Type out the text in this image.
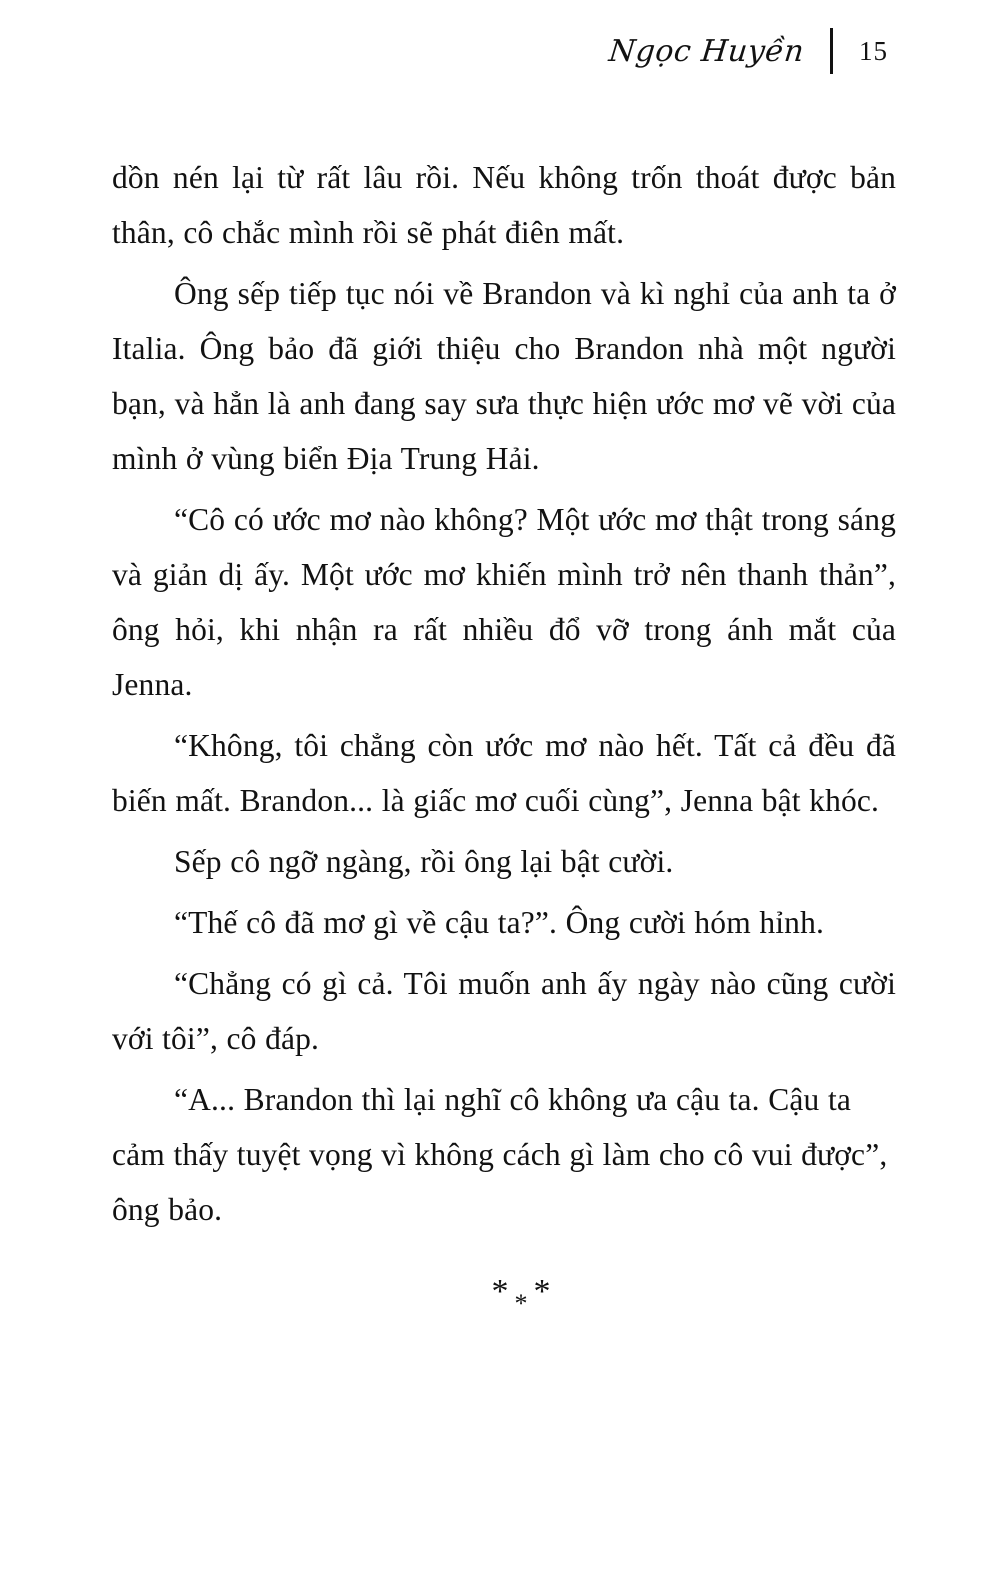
Ngọc Huyền 15

dồn nén lại từ rất lâu rồi. Nếu không trốn thoát được bản thân, cô chắc mình rồi sẽ phát điên mất.

Ông sếp tiếp tục nói về Brandon và kì nghỉ của anh ta ở Italia. Ông bảo đã giới thiệu cho Brandon nhà một người bạn, và hẳn là anh đang say sưa thực hiện ước mơ vẽ vời của mình ở vùng biển Địa Trung Hải.

“Cô có ước mơ nào không? Một ước mơ thật trong sáng và giản dị ấy. Một ước mơ khiến mình trở nên thanh thản”, ông hỏi, khi nhận ra rất nhiều đổ vỡ trong ánh mắt của Jenna.

“Không, tôi chẳng còn ước mơ nào hết. Tất cả đều đã biến mất. Brandon... là giấc mơ cuối cùng”, Jenna bật khóc.

Sếp cô ngỡ ngàng, rồi ông lại bật cười.

“Thế cô đã mơ gì về cậu ta?”. Ông cười hóm hỉnh.

“Chẳng có gì cả. Tôi muốn anh ấy ngày nào cũng cười với tôi”, cô đáp.

“A... Brandon thì lại nghĩ cô không ưa cậu ta. Cậu ta cảm thấy tuyệt vọng vì không cách gì làm cho cô vui được”, ông bảo.

***
